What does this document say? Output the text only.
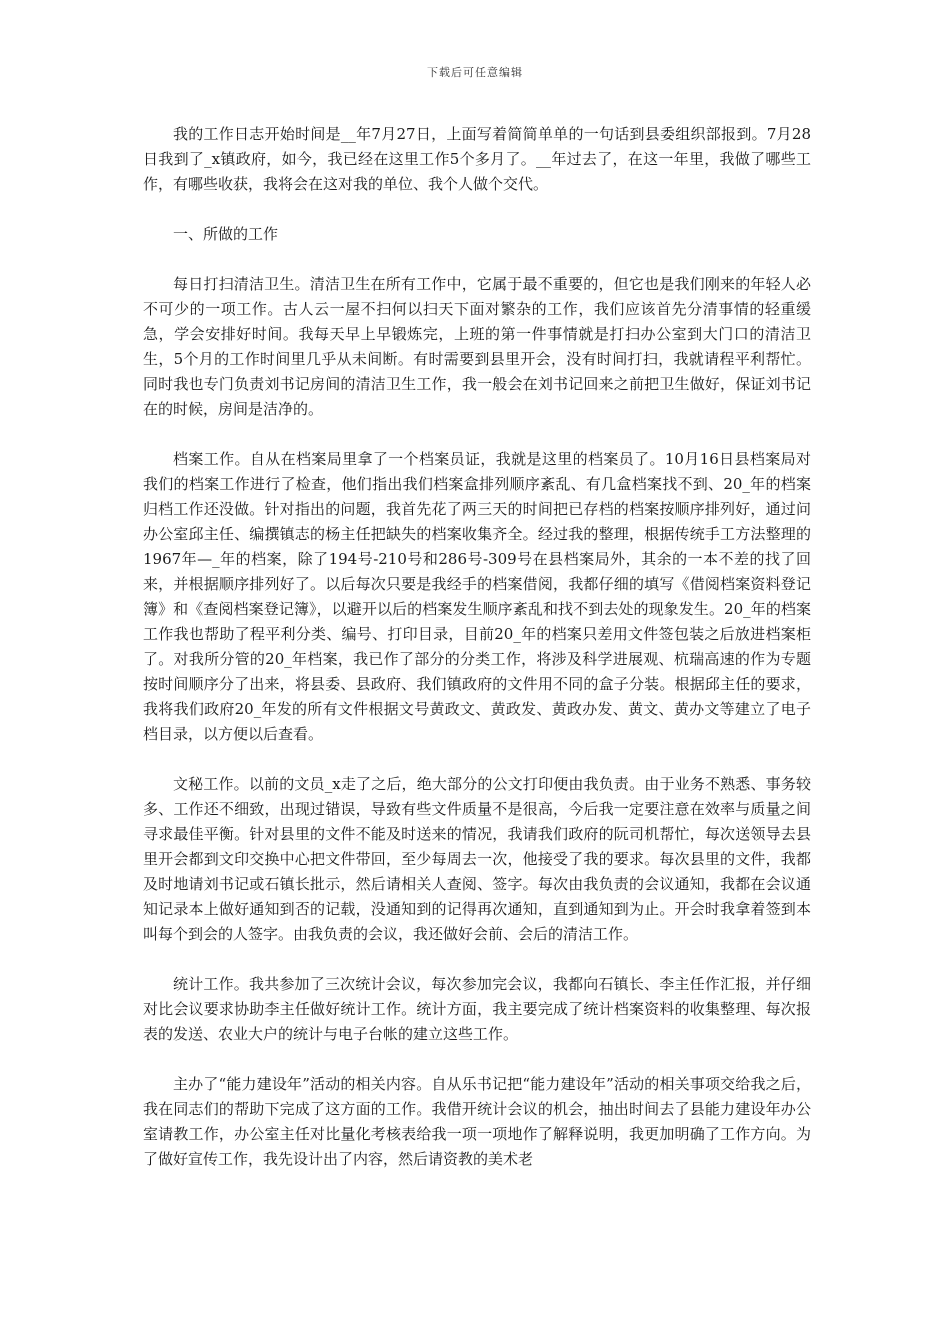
下载后可任意编辑

我的工作日志开始时间是__年7月27日，上面写着简简单单的一句话到县委组织部报到。7月28日我到了_x镇政府，如今，我已经在这里工作5个多月了。__年过去了，在这一年里，我做了哪些工作，有哪些收获，我将会在这对我的单位、我个人做个交代。

一、所做的工作

每日打扫清洁卫生。清洁卫生在所有工作中，它属于最不重要的，但它也是我们刚来的年轻人必不可少的一项工作。古人云一屋不扫何以扫天下面对繁杂的工作，我们应该首先分清事情的轻重缓急，学会安排好时间。我每天早上早锻炼完，上班的第一件事情就是打扫办公室到大门口的清洁卫生，5个月的工作时间里几乎从未间断。有时需要到县里开会，没有时间打扫，我就请程平利帮忙。同时我也专门负责刘书记房间的清洁卫生工作，我一般会在刘书记回来之前把卫生做好，保证刘书记在的时候，房间是洁净的。

档案工作。自从在档案局里拿了一个档案员证，我就是这里的档案员了。10月16日县档案局对我们的档案工作进行了检查，他们指出我们档案盒排列顺序紊乱、有几盒档案找不到、20_年的档案归档工作还没做。针对指出的问题，我首先花了两三天的时间把已存档的档案按顺序排列好，通过问办公室邱主任、编撰镇志的杨主任把缺失的档案收集齐全。经过我的整理，根据传统手工方法整理的1967年—_年的档案，除了194号-210号和286号-309号在县档案局外，其余的一本不差的找了回来，并根据顺序排列好了。以后每次只要是我经手的档案借阅，我都仔细的填写《借阅档案资料登记簿》和《查阅档案登记簿》，以避开以后的档案发生顺序紊乱和找不到去处的现象发生。20_年的档案工作我也帮助了程平利分类、编号、打印目录，目前20_年的档案只差用文件签包装之后放进档案柜了。对我所分管的20_年档案，我已作了部分的分类工作，将涉及科学进展观、杭瑞高速的作为专题按时间顺序分了出来，将县委、县政府、我们镇政府的文件用不同的盒子分装。根据邱主任的要求，我将我们政府20_年发的所有文件根据文号黄政文、黄政发、黄政办发、黄文、黄办文等建立了电子档目录，以方便以后查看。

文秘工作。以前的文员_x走了之后，绝大部分的公文打印便由我负责。由于业务不熟悉、事务较多、工作还不细致，出现过错误，导致有些文件质量不是很高，今后我一定要注意在效率与质量之间寻求最佳平衡。针对县里的文件不能及时送来的情况，我请我们政府的阮司机帮忙，每次送领导去县里开会都到文印交换中心把文件带回，至少每周去一次，他接受了我的要求。每次县里的文件，我都及时地请刘书记或石镇长批示，然后请相关人查阅、签字。每次由我负责的会议通知，我都在会议通知记录本上做好通知到否的记载，没通知到的记得再次通知，直到通知到为止。开会时我拿着签到本叫每个到会的人签字。由我负责的会议，我还做好会前、会后的清洁工作。

统计工作。我共参加了三次统计会议，每次参加完会议，我都向石镇长、李主任作汇报，并仔细对比会议要求协助李主任做好统计工作。统计方面，我主要完成了统计档案资料的收集整理、每次报表的发送、农业大户的统计与电子台帐的建立这些工作。

主办了“能力建设年”活动的相关内容。自从乐书记把“能力建设年”活动的相关事项交给我之后，我在同志们的帮助下完成了这方面的工作。我借开统计会议的机会，抽出时间去了县能力建设年办公室请教工作，办公室主任对比量化考核表给我一项一项地作了解释说明，我更加明确了工作方向。为了做好宣传工作，我先设计出了内容，然后请资教的美术老
